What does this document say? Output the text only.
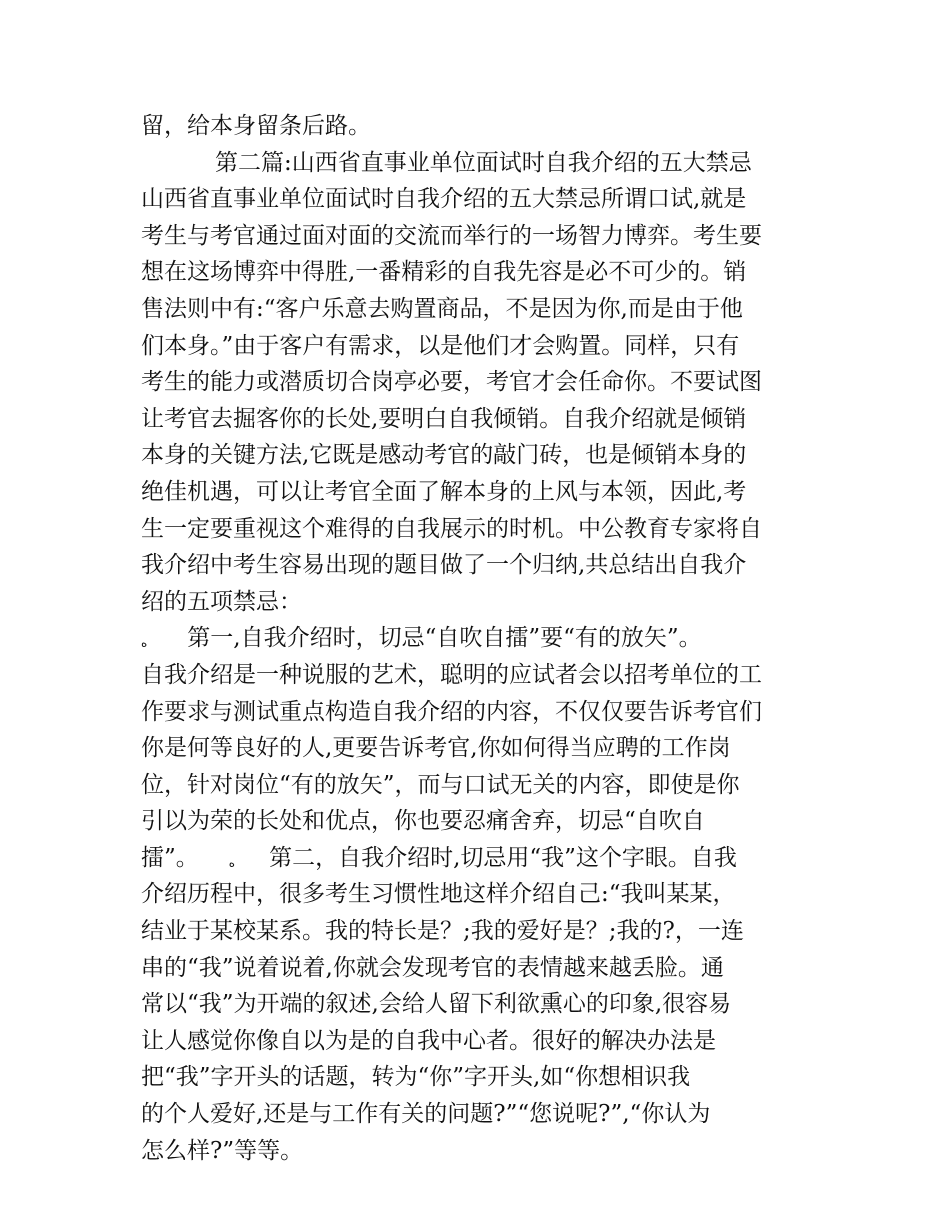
留，给本身留条后路。
第二篇:山西省直事业单位面试时自我介绍的五大禁忌
山西省直事业单位面试时自我介绍的五大禁忌所谓口试,就是
考生与考官通过面对面的交流而举行的一场智力博弈。考生要
想在这场博弈中得胜,一番精彩的自我先容是必不可少的。销
售法则中有:“客户乐意去购置商品，不是因为你,而是由于他
们本身。”由于客户有需求，以是他们才会购置。同样，只有
考生的能力或潜质切合岗亭必要，考官才会任命你。不要试图
让考官去掘客你的长处,要明白自我倾销。自我介绍就是倾销
本身的关键方法,它既是感动考官的敲门砖，也是倾销本身的
绝佳机遇，可以让考官全面了解本身的上风与本领，因此,考
生一定要重视这个难得的自我展示的时机。中公教育专家将自
我介绍中考生容易出现的题目做了一个归纳,共总结出自我介
绍的五项禁忌：
ه 第一,自我介绍时，切忌“自吹自擂”要“有的放矢”。
自我介绍是一种说服的艺术，聪明的应试者会以招考单位的工
作要求与测试重点构造自我介绍的内容，不仅仅要告诉考官们
你是何等良好的人,更要告诉考官,你如何得当应聘的工作岗
位，针对岗位“有的放矢”，而与口试无关的内容，即使是你
引以为荣的长处和优点，你也要忍痛舍弃，切忌“自吹自
擂”。	ه 第二，自我介绍时,切忌用“我”这个字眼。自我
介绍历程中，很多考生习惯性地这样介绍自己:“我叫某某，
结业于某校某系。我的特长是？;我的爱好是？;我的?，一连
串的“我”说着说着,你就会发现考官的表情越来越丢脸。通
常以“我”为开端的叙述,会给人留下利欲熏心的印象,很容易
让人感觉你像自以为是的自我中心者。很好的解决办法是
把“我”字开头的话题，转为“你”字开头,如“你想相识我
的个人爱好,还是与工作有关的问题?”“您说呢?”,“你认为
怎么样?”等等。
